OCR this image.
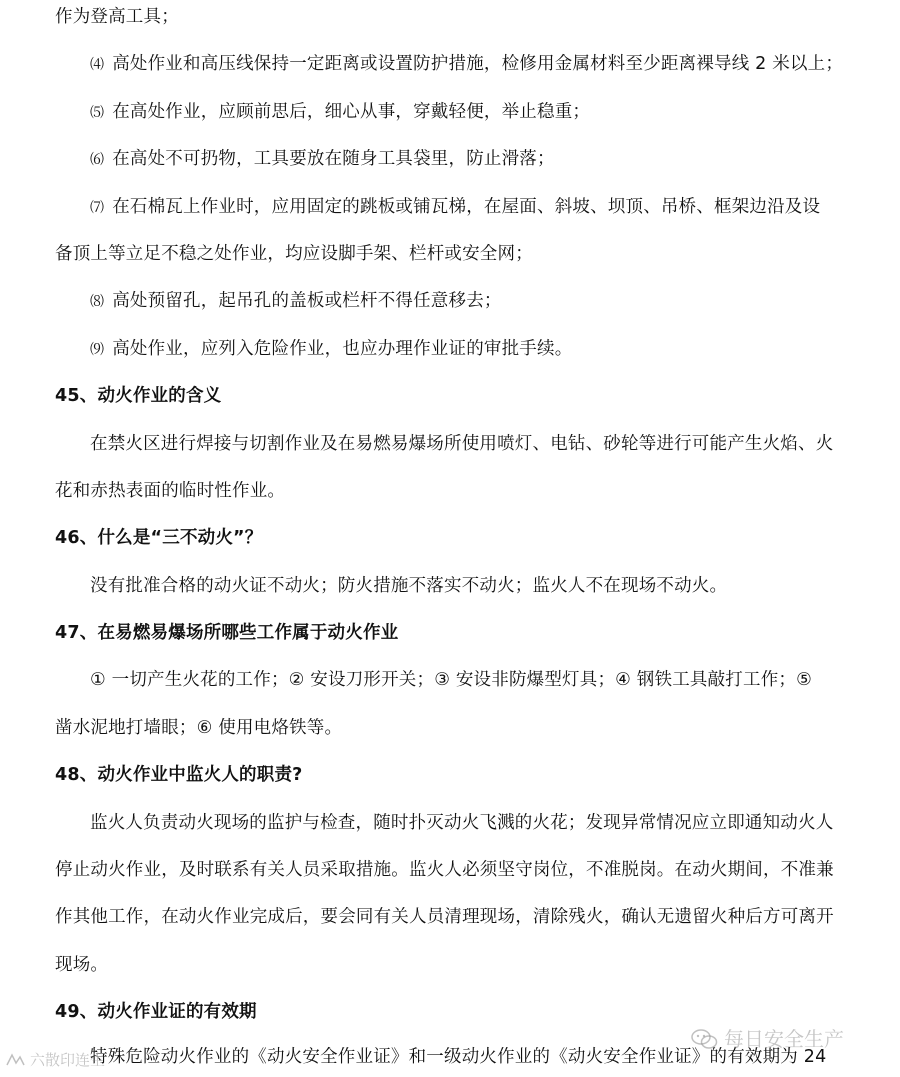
作为登高工具；
⑷ 高处作业和高压线保持一定距离或设置防护措施，检修用金属材料至少距离裸导线 2 米以上；
⑸ 在高处作业，应顾前思后，细心从事，穿戴轻便，举止稳重；
⑹ 在高处不可扔物，工具要放在随身工具袋里，防止滑落；
⑺ 在石棉瓦上作业时，应用固定的跳板或铺瓦梯，在屋面、斜坡、坝顶、吊桥、框架边沿及设
备顶上等立足不稳之处作业，均应设脚手架、栏杆或安全网；
⑻ 高处预留孔，起吊孔的盖板或栏杆不得任意移去；
⑼ 高处作业，应列入危险作业，也应办理作业证的审批手续。
45、动火作业的含义
在禁火区进行焊接与切割作业及在易燃易爆场所使用喷灯、电钻、砂轮等进行可能产生火焰、火
花和赤热表面的临时性作业。
46、什么是“三不动火”？
没有批准合格的动火证不动火；防火措施不落实不动火；监火人不在现场不动火。
47、在易燃易爆场所哪些工作属于动火作业
① 一切产生火花的工作；② 安设刀形开关；③ 安设非防爆型灯具；④ 钢铁工具敲打工作；⑤
凿水泥地打墙眼；⑥ 使用电烙铁等。
48、动火作业中监火人的职责?
监火人负责动火现场的监护与检查，随时扑灭动火飞溅的火花；发现异常情况应立即通知动火人
停止动火作业，及时联系有关人员采取措施。监火人必须坚守岗位，不准脱岗。在动火期间，不准兼
作其他工作，在动火作业完成后，要会同有关人员清理现场，清除残火，确认无遗留火种后方可离开
现场。
49、动火作业证的有效期
特殊危险动火作业的《动火安全作业证》和一级动火作业的《动火安全作业证》的有效期为 24
每日安全生产
六散印连生
